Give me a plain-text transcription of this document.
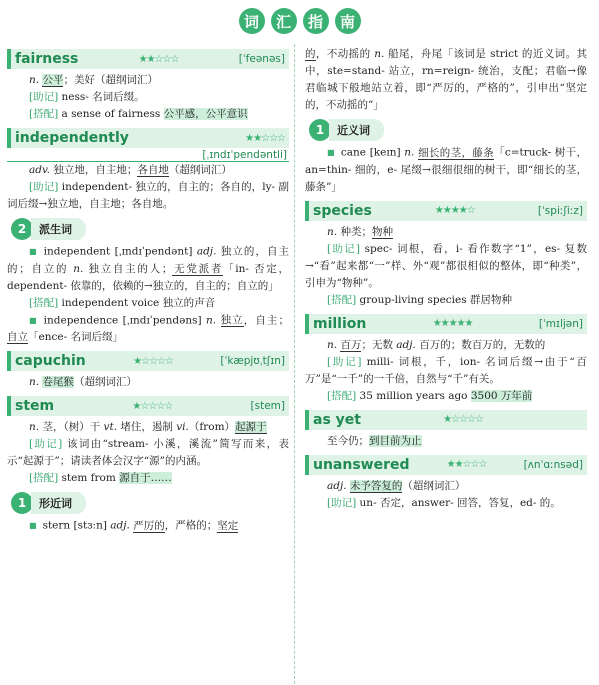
词	汇	指	南
fairness	★★☆☆☆	[ˈfeənəs]
n. 公平；美好（超纲词汇）
[助记] ness- 名词后缀。
[搭配] a sense of fairness 公平感，公平意识
independently	★★☆☆☆
[ˌɪndɪˈpendəntli]
adv. 独立地，自主地；各自地（超纲词汇）
[助记] independent- 独立的，自主的；各自的，ly- 副词后缀→独立地，自主地；各自地。
2	派生词
■ independent [ˌɪndɪˈpendənt] adj. 独立的，自主的；自立的 n. 独立自主的人；无党派者「in- 否定，dependent- 依靠的，依赖的→独立的，自主的；自立的」
[搭配] independent voice 独立的声音
■ independence [ˌɪndɪˈpendəns] n. 独立，自主；自立「ence- 名词后缀」
capuchin	★☆☆☆☆	[ˈkæpjʊˌtʃɪn]
n. 卷尾猴（超纲词汇）
stem	★☆☆☆☆	[stem]
n. 茎，（树）干 vt. 堵住，遏制 vi.（from）起源于
[助记] 该词由“stream- 小溪，溪流”简写而来，表示“起源于”；请读者体会汉字“源”的内涵。
[搭配] stem from 源自于……
1	形近词
■ stern [stɜːn] adj. 严厉的，严格的；坚定
的，不动摇的 n. 船尾，舟尾「该词是 strict 的近义词。其中，ste=stand- 站立，rn=reign- 统治，支配；君临→像君临城下般地站立着，即“严厉的，严格的”，引申出“坚定的，不动摇的”」
1	近义词
■ cane [keɪn] n. 细长的茎，藤条「c=truck- 树干，an=thin- 细的，e- 尾缀→很细很细的树干，即“细长的茎，藤条”」
species	★★★★☆	[ˈspiːʃiːz]
n. 种类；物种
[助记] spec- 词根，看，i- 看作数字“1”，es- 复数→“看”起来都“一”样、外“观”都很相似的整体，即“种类”，引申为“物种”。
[搭配] group-living species 群居物种
million	★★★★★	[ˈmɪljən]
n. 百万；无数 adj. 百万的；数百万的，无数的
[助记] milli- 词根，千，ion- 名词后缀→由于“百万”是“一千”的一千倍，自然与“千”有关。
[搭配] 35 million years ago 3500 万年前
as yet	★☆☆☆☆
至今仍；到目前为止
unanswered	★★☆☆☆	[ʌnˈɑːnsəd]
adj. 未予答复的（超纲词汇）
[助记] un- 否定，answer- 回答，答复，ed- 的。
